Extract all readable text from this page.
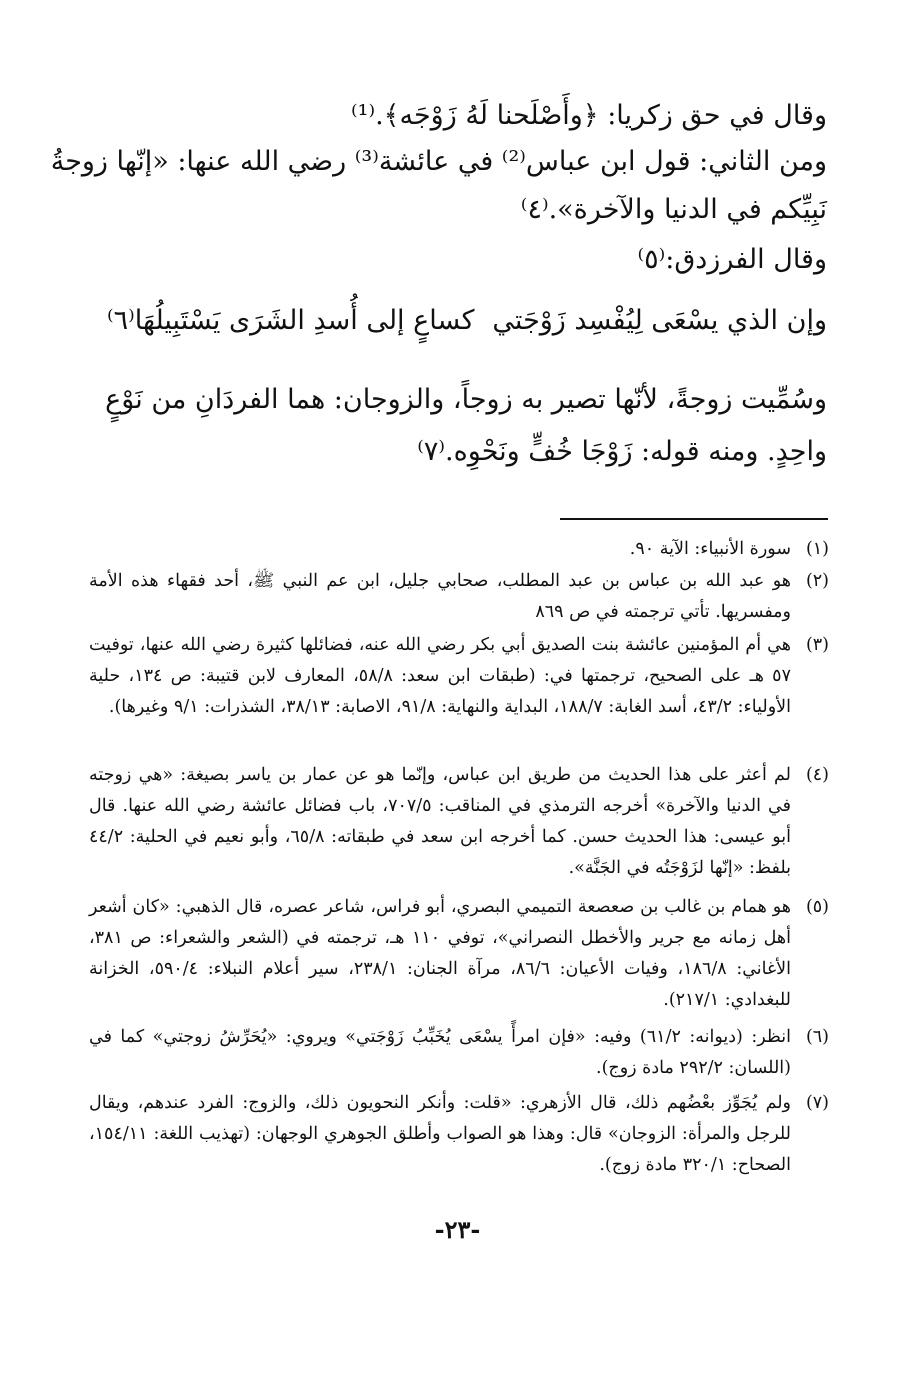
وقال في حق زكريا: ﴿وأَصْلَحنا لَهُ زَوْجَه﴾.⁽¹⁾
ومن الثاني: قول ابن عباس⁽²⁾ في عائشة⁽³⁾ رضي الله عنها: «إنّها زوجةُ
نَبِيِّكم في الدنيا والآخرة».⁽٤⁾
وقال الفرزدق:⁽٥⁾
وإن الذي يسْعَى لِيُفْسِد زَوْجَتي
كساعٍ إلى أُسدِ الشَرَى يَسْتَبِيلُهَا⁽٦⁾
وسُمِّيت زوجةً، لأنّها تصير به زوجاً، والزوجان: هما الفردَانِ من نَوْعٍ
واحِدٍ. ومنه قوله: زَوْجَا خُفٍّ ونَحْوِه.⁽٧⁾
(١)
سورة الأنبياء: الآية ٩٠.
(٢)
هو عبد الله بن عباس بن عبد المطلب، صحابي جليل، ابن عم النبي ﷺ، أحد فقهاء هذه الأمة ومفسريها. تأتي ترجمته في ص ٨٦٩
(٣)
هي أم المؤمنين عائشة بنت الصديق أبي بكر رضي الله عنه، فضائلها كثيرة رضي الله عنها، توفيت ٥٧ هـ على الصحيح، ترجمتها في: (طبقات ابن سعد: ٥٨/٨، المعارف لابن قتيبة: ص ١٣٤، حلية الأولياء: ٤٣/٢، أسد الغابة: ١٨٨/٧، البداية والنهاية: ٩١/٨، الاصابة: ٣٨/١٣، الشذرات: ٩/١ وغيرها).
(٤)
لم أعثر على هذا الحديث من طريق ابن عباس، وإنّما هو عن عمار بن ياسر بصيغة: «هي زوجته في الدنيا والآخرة» أخرجه الترمذي في المناقب: ٧٠٧/٥، باب فضائل عائشة رضي الله عنها. قال أبو عيسى: هذا الحديث حسن. كما أخرجه ابن سعد في طبقاته: ٦٥/٨، وأبو نعيم في الحلية: ٤٤/٢ بلفظ: «إنّها لزَوْجَتُه في الجَنَّة».
(٥)
هو همام بن غالب بن صعصعة التميمي البصري، أبو فراس، شاعر عصره، قال الذهبي: «كان أشعر أهل زمانه مع جرير والأخطل النصراني»، توفي ١١٠ هـ، ترجمته في (الشعر والشعراء: ص ٣٨١، الأغاني: ١٨٦/٨، وفيات الأعيان: ٨٦/٦، مرآة الجنان: ٢٣٨/١، سير أعلام النبلاء: ٥٩٠/٤، الخزانة للبغدادي: ٢١٧/١).
(٦)
انظر: (ديوانه: ٦١/٢) وفيه: «فإن امرأً يسْعَى يُخَبِّبُ زَوْجَتي» ويروي: «يُحَرِّشُ زوجتي» كما في (اللسان: ٢٩٢/٢ مادة زوج).
(٧)
ولم يُجَوِّز بعْضُهم ذلك، قال الأزهري: «قلت: وأنكر النحويون ذلك، والزوج: الفرد عندهم، ويقال للرجل والمرأة: الزوجان» قال: وهذا هو الصواب وأطلق الجوهري الوجهان: (تهذيب اللغة: ١٥٤/١١، الصحاح: ٣٢٠/١ مادة زوج).
-٢٣-
